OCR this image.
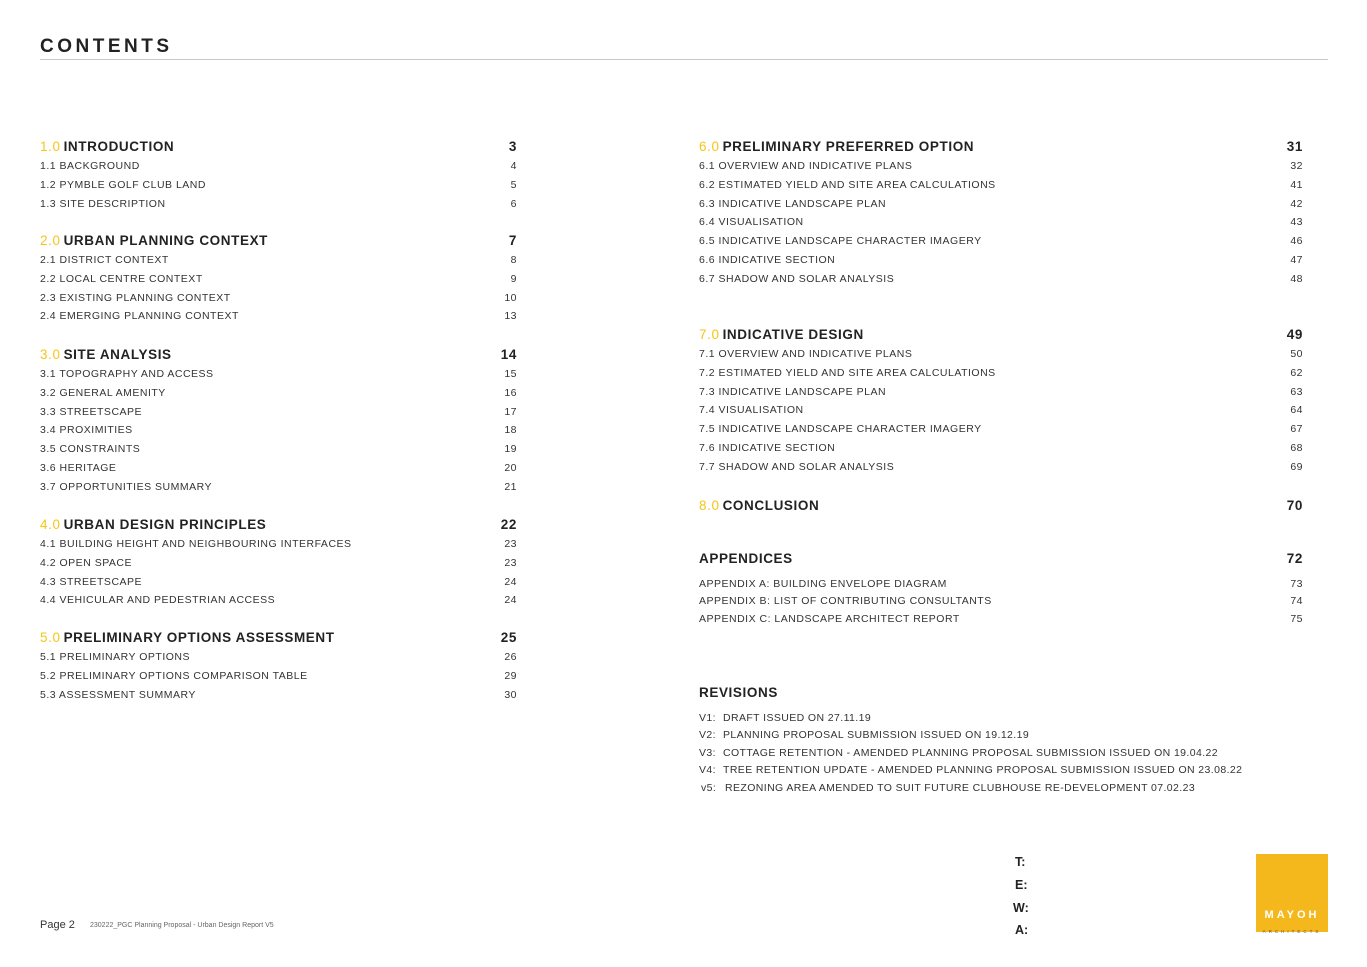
CONTENTS
1.0 INTRODUCTION	3
1.1 BACKGROUND	4
1.2 PYMBLE GOLF CLUB LAND	5
1.3 SITE DESCRIPTION	6
2.0 URBAN PLANNING CONTEXT	7
2.1 DISTRICT CONTEXT	8
2.2 LOCAL CENTRE CONTEXT	9
2.3 EXISTING PLANNING CONTEXT	10
2.4 EMERGING PLANNING CONTEXT	13
3.0 SITE ANALYSIS	14
3.1 TOPOGRAPHY AND ACCESS	15
3.2 GENERAL AMENITY	16
3.3 STREETSCAPE	17
3.4 PROXIMITIES	18
3.5 CONSTRAINTS	19
3.6 HERITAGE	20
3.7 OPPORTUNITIES SUMMARY	21
4.0 URBAN DESIGN PRINCIPLES	22
4.1 BUILDING HEIGHT AND NEIGHBOURING INTERFACES	23
4.2 OPEN SPACE	23
4.3 STREETSCAPE	24
4.4 VEHICULAR AND PEDESTRIAN ACCESS	24
5.0 PRELIMINARY OPTIONS ASSESSMENT	25
5.1 PRELIMINARY OPTIONS	26
5.2 PRELIMINARY OPTIONS COMPARISON TABLE	29
5.3 ASSESSMENT SUMMARY	30
6.0 PRELIMINARY PREFERRED OPTION	31
6.1 OVERVIEW AND INDICATIVE PLANS	32
6.2 ESTIMATED YIELD AND SITE AREA CALCULATIONS	41
6.3 INDICATIVE LANDSCAPE PLAN	42
6.4 VISUALISATION	43
6.5 INDICATIVE LANDSCAPE CHARACTER IMAGERY	46
6.6 INDICATIVE SECTION	47
6.7 SHADOW AND SOLAR ANALYSIS	48
7.0 INDICATIVE DESIGN	49
7.1 OVERVIEW AND INDICATIVE PLANS	50
7.2 ESTIMATED YIELD AND SITE AREA CALCULATIONS	62
7.3 INDICATIVE LANDSCAPE PLAN	63
7.4 VISUALISATION	64
7.5 INDICATIVE LANDSCAPE CHARACTER IMAGERY	67
7.6 INDICATIVE SECTION	68
7.7 SHADOW AND SOLAR ANALYSIS	69
8.0 CONCLUSION	70
APPENDICES	72
APPENDIX A: BUILDING ENVELOPE DIAGRAM	73
APPENDIX B: LIST OF CONTRIBUTING CONSULTANTS	74
APPENDIX C: LANDSCAPE ARCHITECT REPORT	75
REVISIONS
V1: DRAFT ISSUED ON 27.11.19
V2: PLANNING PROPOSAL SUBMISSION ISSUED ON 19.12.19
V3: COTTAGE RETENTION - AMENDED PLANNING PROPOSAL SUBMISSION ISSUED ON 19.04.22
V4: TREE RETENTION UPDATE - AMENDED PLANNING PROPOSAL SUBMISSION ISSUED ON 23.08.22
v5: REZONING AREA AMENDED TO SUIT FUTURE CLUBHOUSE RE-DEVELOPMENT 07.02.23
T:
E:
W:
A:
MAYOH
ARCHITECTS
Page 2 230222_PGC Planning Proposal - Urban Design Report V5
